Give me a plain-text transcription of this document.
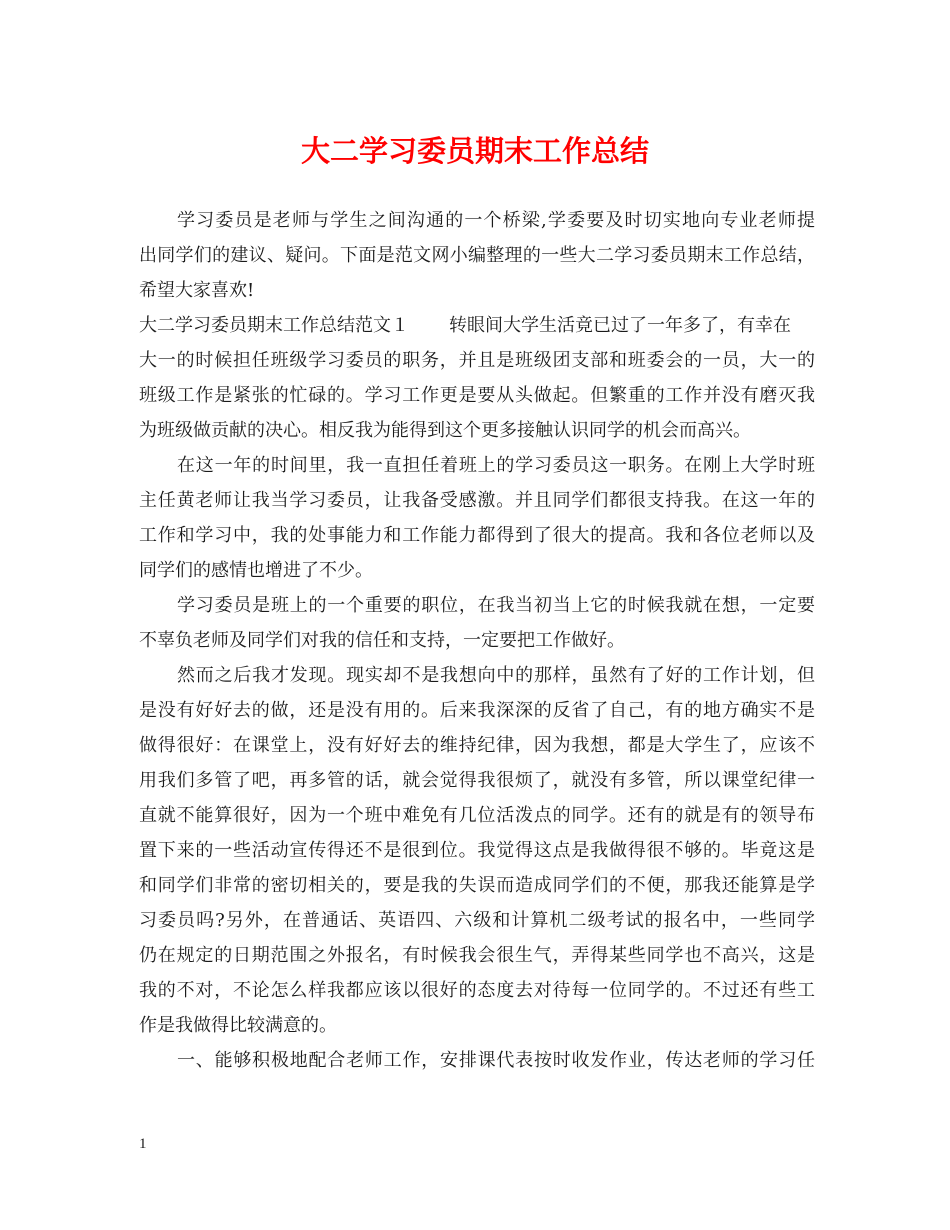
大二学习委员期末工作总结
学习委员是老师与学生之间沟通的一个桥梁,学委要及时切实地向专业老师提
出同学们的建议、疑问。下面是范文网小编整理的一些大二学习委员期末工作总结，
希望大家喜欢!
大二学习委员期末工作总结范文１ 转眼间大学生活竟已过了一年多了，有幸在
大一的时候担任班级学习委员的职务，并且是班级团支部和班委会的一员，大一的
班级工作是紧张的忙碌的。学习工作更是要从头做起。但繁重的工作并没有磨灭我
为班级做贡献的决心。相反我为能得到这个更多接触认识同学的机会而高兴。
在这一年的时间里，我一直担任着班上的学习委员这一职务。在刚上大学时班
主任黄老师让我当学习委员，让我备受感激。并且同学们都很支持我。在这一年的
工作和学习中，我的处事能力和工作能力都得到了很大的提高。我和各位老师以及
同学们的感情也增进了不少。
学习委员是班上的一个重要的职位，在我当初当上它的时候我就在想，一定要
不辜负老师及同学们对我的信任和支持，一定要把工作做好。
然而之后我才发现。现实却不是我想向中的那样，虽然有了好的工作计划，但
是没有好好去的做，还是没有用的。后来我深深的反省了自己，有的地方确实不是
做得很好：在课堂上，没有好好去的维持纪律，因为我想，都是大学生了，应该不
用我们多管了吧，再多管的话，就会觉得我很烦了，就没有多管，所以课堂纪律一
直就不能算很好，因为一个班中难免有几位活泼点的同学。还有的就是有的领导布
置下来的一些活动宣传得还不是很到位。我觉得这点是我做得很不够的。毕竟这是
和同学们非常的密切相关的，要是我的失误而造成同学们的不便，那我还能算是学
习委员吗?另外，在普通话、英语四、六级和计算机二级考试的报名中，一些同学
仍在规定的日期范围之外报名，有时候我会很生气，弄得某些同学也不高兴，这是
我的不对，不论怎么样我都应该以很好的态度去对待每一位同学的。不过还有些工
作是我做得比较满意的。
一、能够积极地配合老师工作，安排课代表按时收发作业，传达老师的学习任
1
